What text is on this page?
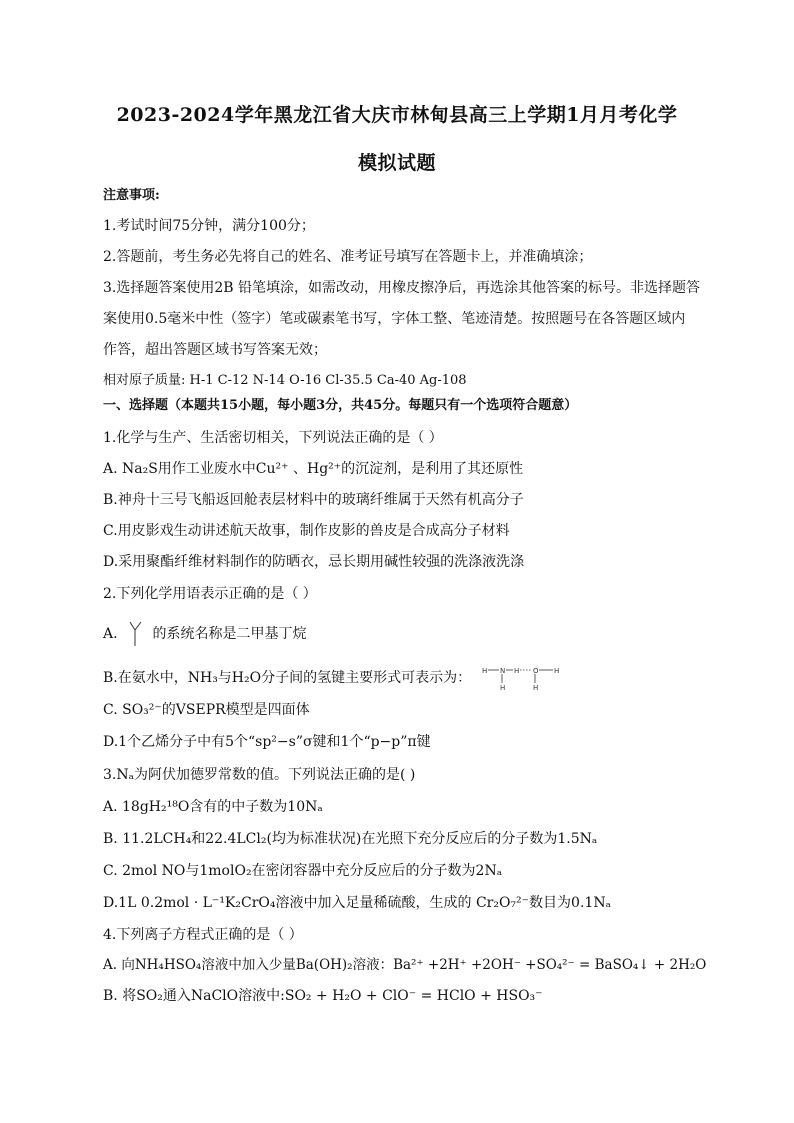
2023-2024学年黑龙江省大庆市林甸县高三上学期1月月考化学
模拟试题
注意事项:
1.考试时间75分钟，满分100分；
2.答题前，考生务必先将自己的姓名、准考证号填写在答题卡上，并准确填涂；
3.选择题答案使用2B 铅笔填涂，如需改动，用橡皮擦净后，再选涂其他答案的标号。非选择题答
案使用0.5毫米中性（签字）笔或碳素笔书写，字体工整、笔迹清楚。按照题号在各答题区域内
作答，超出答题区域书写答案无效；
相对原子质量: H-1 C-12 N-14 O-16 Cl-35.5 Ca-40 Ag-108
一、选择题（本题共15小题，每小题3分，共45分。每题只有一个选项符合题意）
1.化学与生产、生活密切相关，下列说法正确的是（ ）
A. Na₂S用作工业废水中Cu²⁺ 、Hg²⁺的沉淀剂，是利用了其还原性
B.神舟十三号飞船返回舱表层材料中的玻璃纤维属于天然有机高分子
C.用皮影戏生动讲述航天故事，制作皮影的兽皮是合成高分子材料
D.采用聚酯纤维材料制作的防晒衣，忌长期用碱性较强的洗涤液洗涤
2.下列化学用语表示正确的是（ ）
A. 的系统名称是二甲基丁烷
B.在氨水中，NH₃与H₂O分子间的氢键主要形式可表示为： H N H O H
H	H
C. SO₃²⁻的VSEPR模型是四面体
D.1个乙烯分子中有5个“sp²−s”σ键和1个“p−p”π键
3.Nₐ为阿伏加德罗常数的值。下列说法正确的是( )
A. 18gH₂¹⁸O含有的中子数为10Nₐ
B. 11.2LCH₄和22.4LCl₂(均为标准状况)在光照下充分反应后的分子数为1.5Nₐ
C. 2mol NO与1molO₂在密闭容器中充分反应后的分子数为2Nₐ
D.1L 0.2mol · L⁻¹K₂CrO₄溶液中加入足量稀硫酸，生成的 Cr₂O₇²⁻数目为0.1Nₐ
4.下列离子方程式正确的是（ ）
A. 向NH₄HSO₄溶液中加入少量Ba(OH)₂溶液：Ba²⁺ +2H⁺ +2OH⁻ +SO₄²⁻ = BaSO₄↓ + 2H₂O
B. 将SO₂通入NaClO溶液中:SO₂ + H₂O + ClO⁻ = HClO + HSO₃⁻
